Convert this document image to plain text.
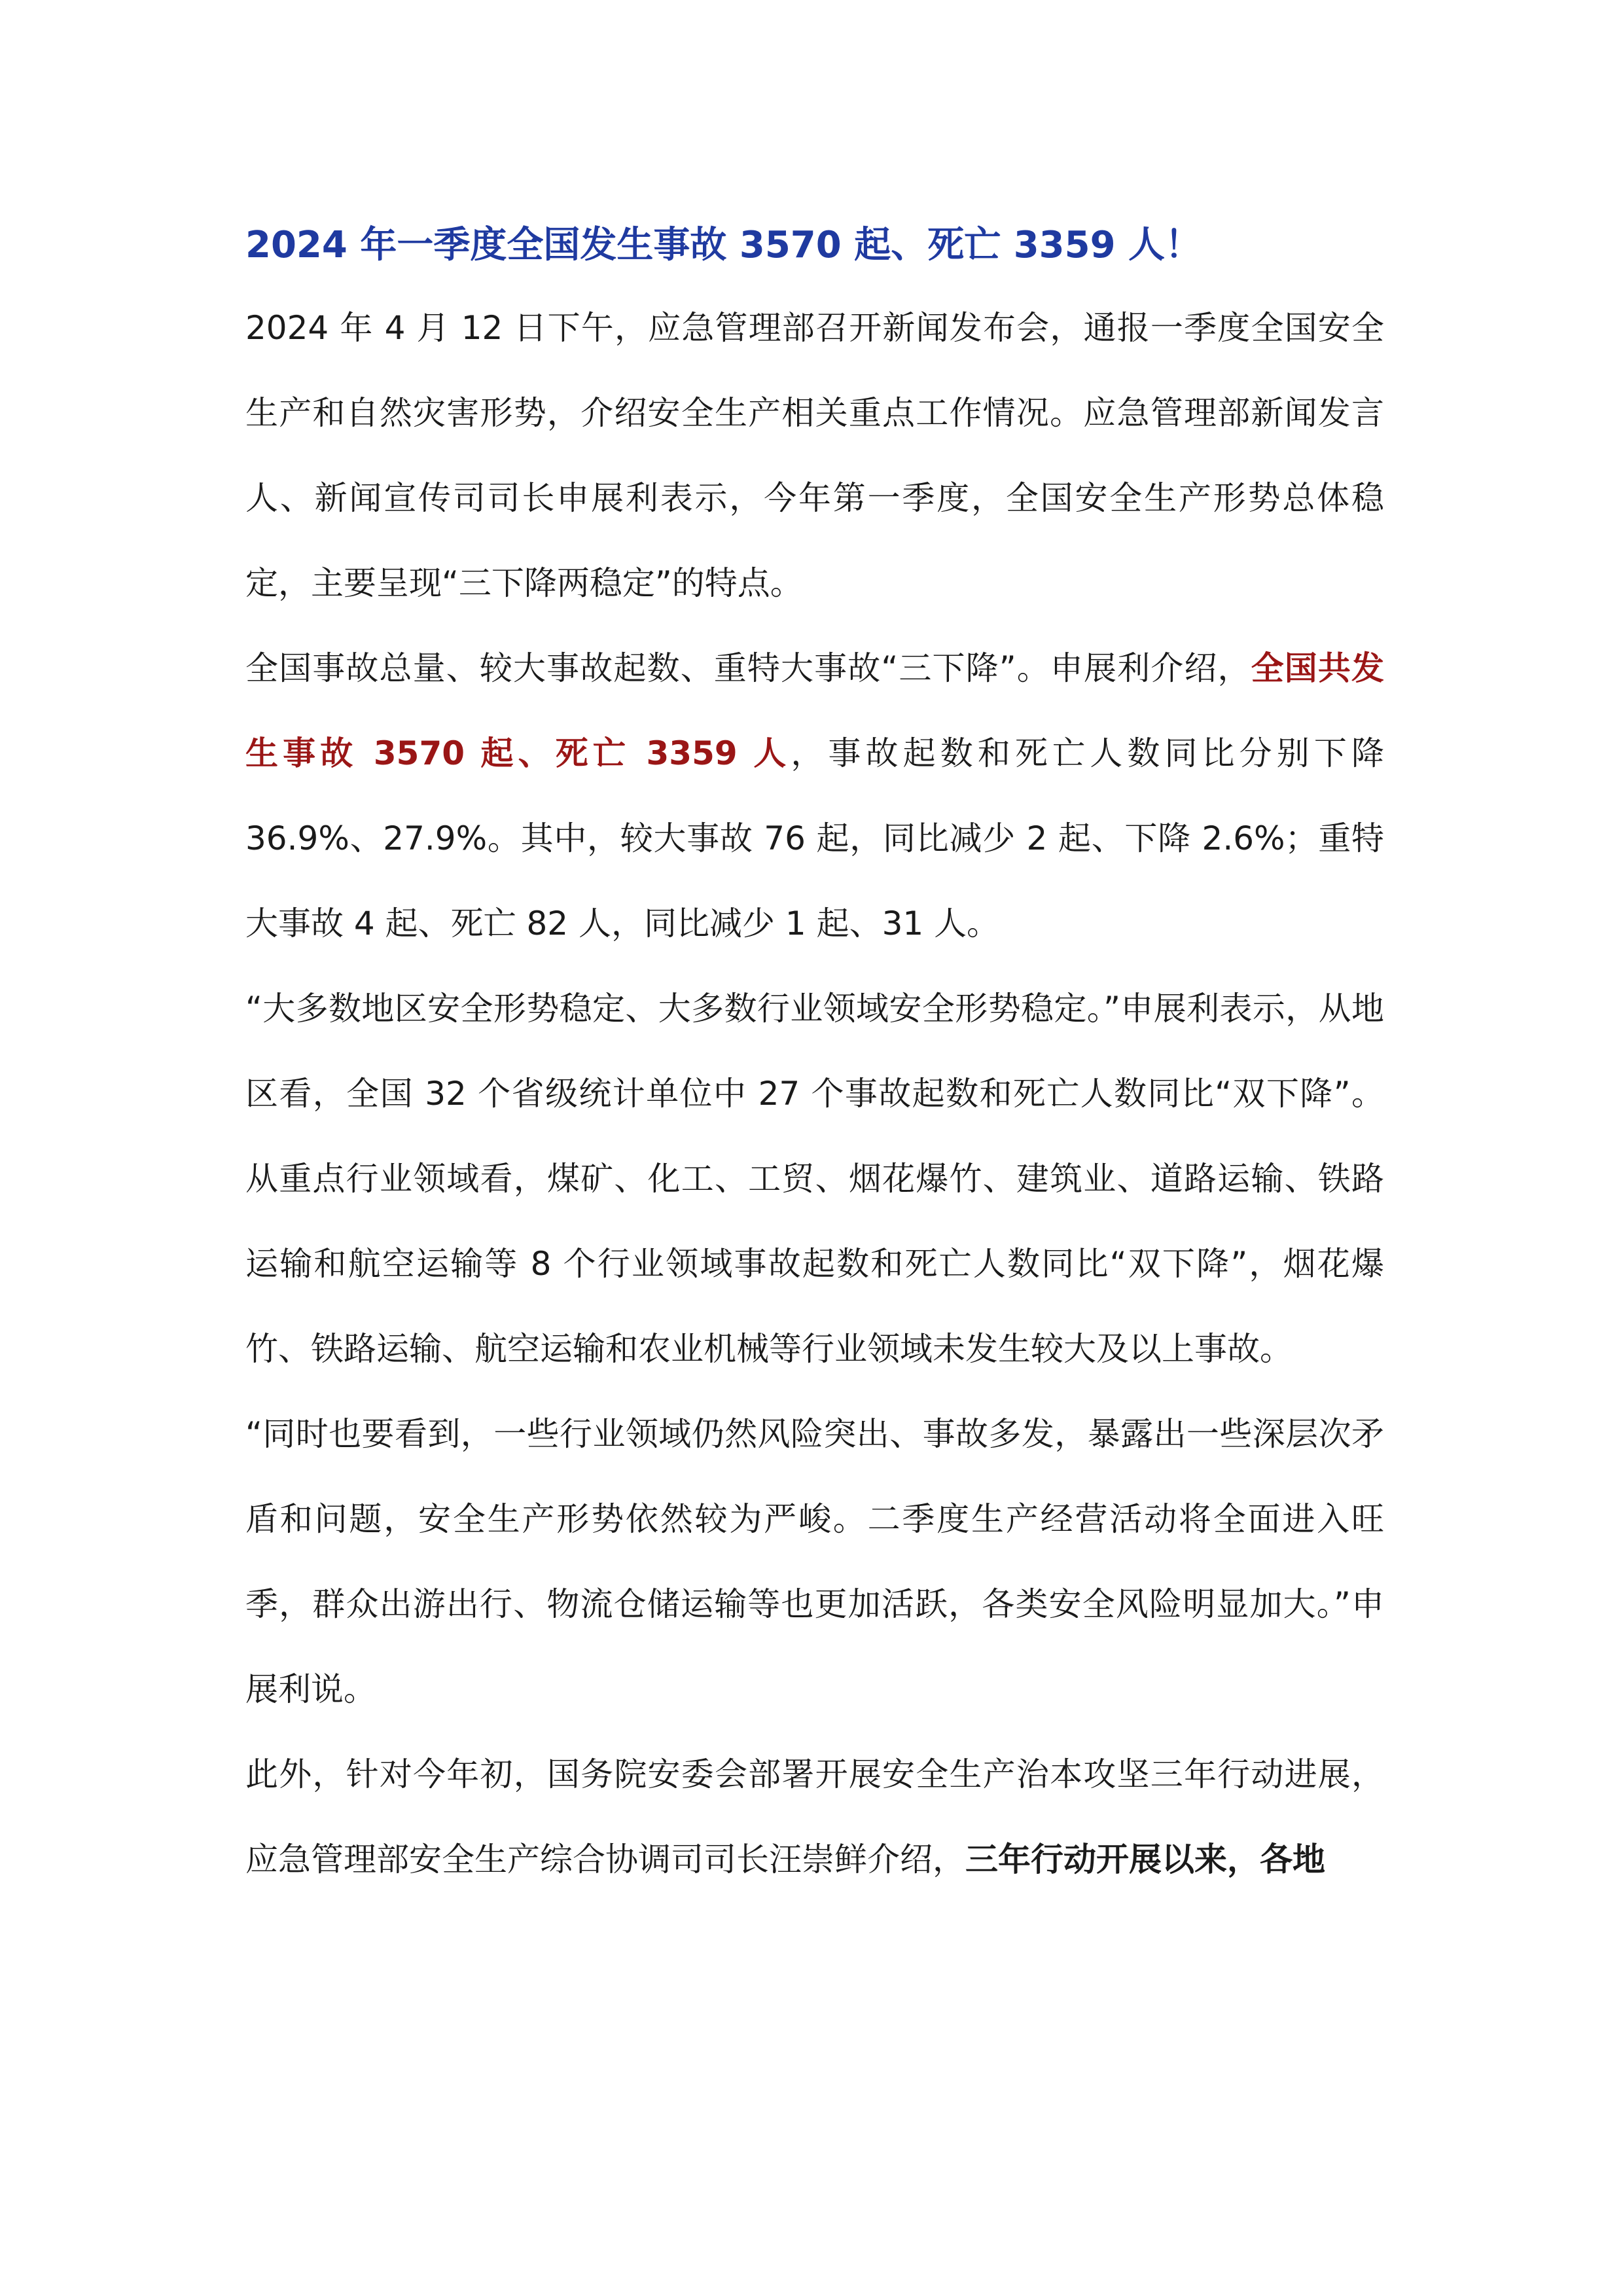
2024 年一季度全国发生事故 3570 起、死亡 3359 人！

2024 年 4 月 12 日下午，应急管理部召开新闻发布会，通报一季度全国安全生产和自然灾害形势，介绍安全生产相关重点工作情况。应急管理部新闻发言人、新闻宣传司司长申展利表示，今年第一季度，全国安全生产形势总体稳定，主要呈现“三下降两稳定”的特点。

全国事故总量、较大事故起数、重特大事故“三下降”。申展利介绍，全国共发生事故 3570 起、死亡 3359 人，事故起数和死亡人数同比分别下降 36.9%、27.9%。其中，较大事故 76 起，同比减少 2 起、下降 2.6%；重特大事故 4 起、死亡 82 人，同比减少 1 起、31 人。

“大多数地区安全形势稳定、大多数行业领域安全形势稳定。”申展利表示，从地区看，全国 32 个省级统计单位中 27 个事故起数和死亡人数同比“双下降”。从重点行业领域看，煤矿、化工、工贸、烟花爆竹、建筑业、道路运输、铁路运输和航空运输等 8 个行业领域事故起数和死亡人数同比“双下降”，烟花爆竹、铁路运输、航空运输和农业机械等行业领域未发生较大及以上事故。

“同时也要看到，一些行业领域仍然风险突出、事故多发，暴露出一些深层次矛盾和问题，安全生产形势依然较为严峻。二季度生产经营活动将全面进入旺季，群众出游出行、物流仓储运输等也更加活跃，各类安全风险明显加大。”申展利说。

此外，针对今年初，国务院安委会部署开展安全生产治本攻坚三年行动进展，应急管理部安全生产综合协调司司长汪崇鲜介绍，三年行动开展以来，各地
